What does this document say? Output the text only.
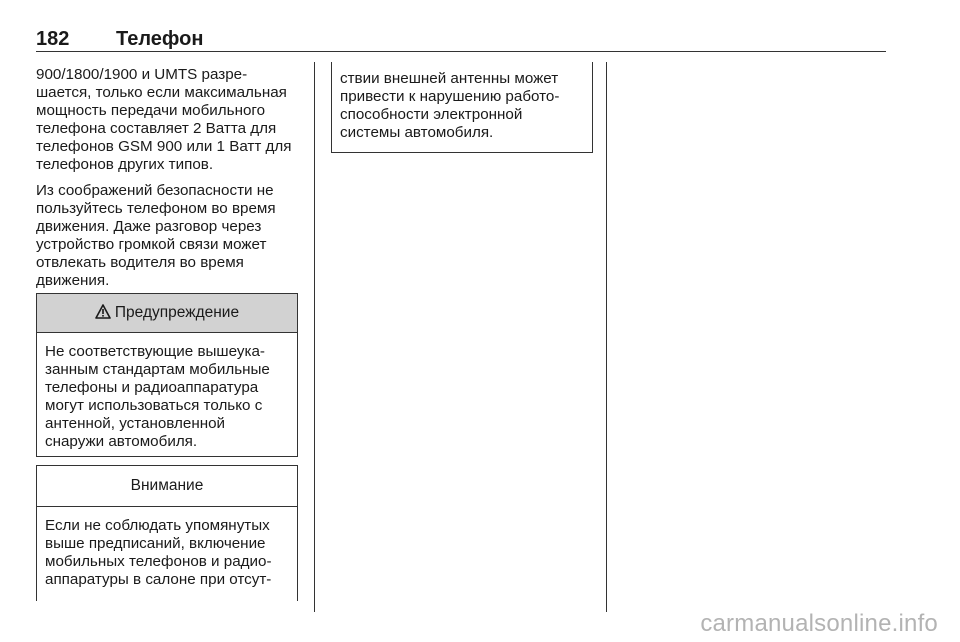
182 Телефон

900/1800/1900 и UMTS разре-
шается, только если максимальная
мощность передачи мобильного
телефона составляет 2 Ватта для
телефонов GSM 900 или 1 Ватт для
телефонов других типов.

Из соображений безопасности не
пользуйтесь телефоном во время
движения. Даже разговор через
устройство громкой связи может
отвлекать водителя во время
движения.

Предупреждение
Не соответствующие вышеука-
занным стандартам мобильные
телефоны и радиоаппаратура
могут использоваться только с
антенной, установленной
снаружи автомобиля.
Внимание
Если не соблюдать упомянутых
выше предписаний, включение
мобильных телефонов и радио-
аппаратуры в салоне при отсут-
ствии внешней антенны может
привести к нарушению работо-
способности электронной
системы автомобиля.
carmanualsonline.info
